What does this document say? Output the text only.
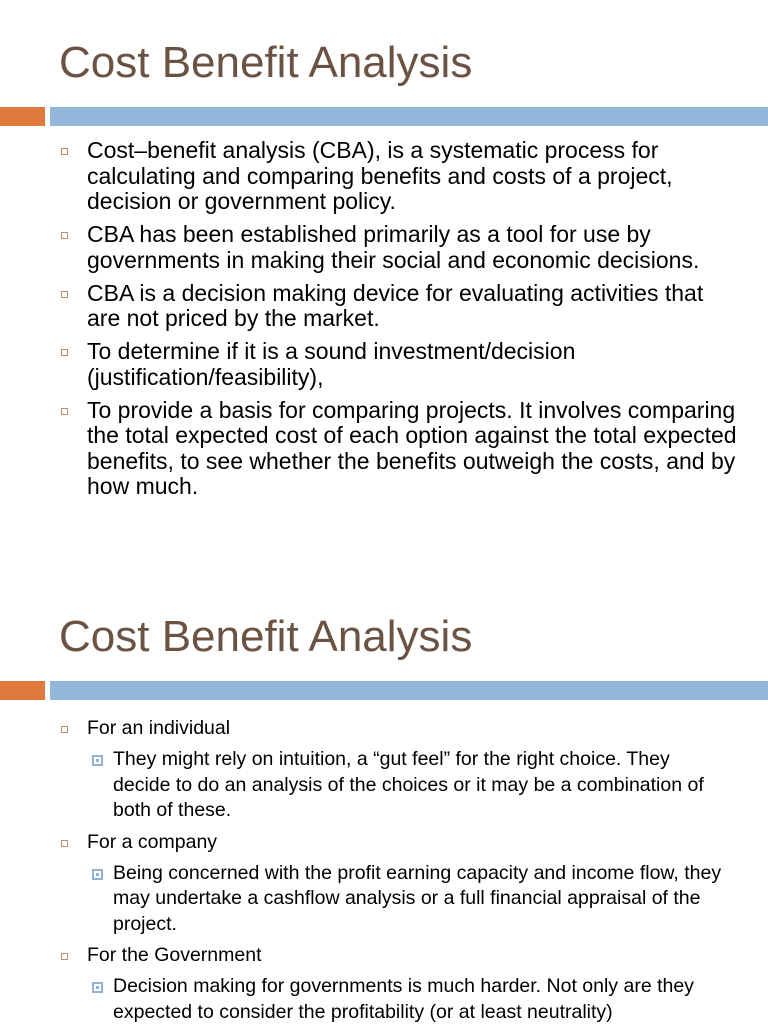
Cost Benefit Analysis
Cost–benefit analysis (CBA), is a systematic process for calculating and comparing benefits and costs of a project, decision or government policy.
CBA has been established primarily as a tool for use by governments in making their social and economic decisions.
CBA is a decision making device for evaluating activities that are not priced by the market.
To determine if it is a sound investment/decision (justification/feasibility),
To provide a basis for comparing projects. It involves comparing the total expected cost of each option against the total expected benefits, to see whether the benefits outweigh the costs, and by how much.
Cost Benefit Analysis
For an individual
They might rely on intuition, a “gut feel” for the right choice. They decide to do an analysis of the choices or it may be a combination of both of these.
For a company
Being concerned with the profit earning capacity and income flow, they may undertake a cashflow analysis or a full financial appraisal of the project.
For the Government
Decision making for governments is much harder. Not only are they expected to consider the profitability (or at least neutrality)
